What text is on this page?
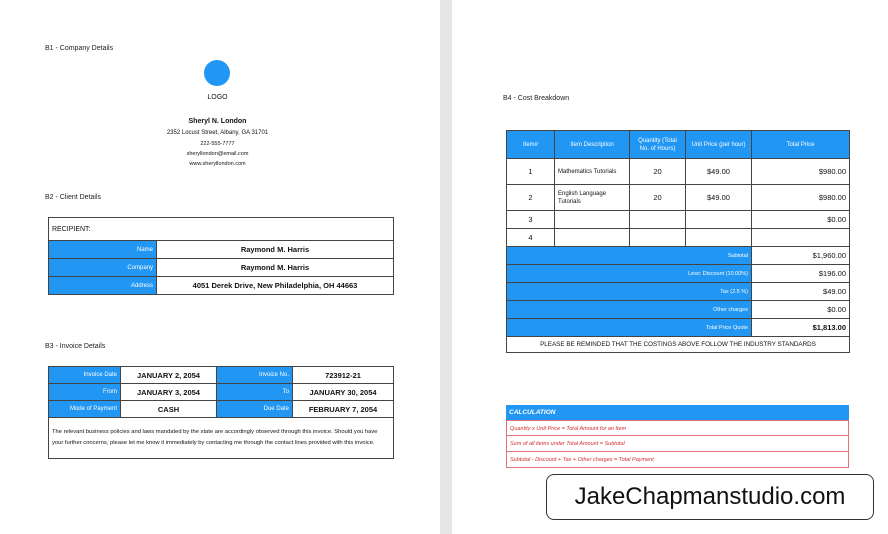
B1 - Company Details
LOGO
Sheryl N. London
2352 Locust Street, Albany, GA 31701
222-555-7777
sheryllondon@email.com
www.sheryllondon.com
B2 - Client Details
RECIPIENT:	
Name	Raymond M. Harris
Company	Raymond M. Harris
Address	4051 Derek Drive, New Philadelphia, OH 44663
B3 - Invoice Details
Invoice Date	JANUARY 2, 2054	Invoice No.	723912-21
From	JANUARY 3, 2054	To	JANUARY 30, 2054
Mode of Payment	CASH	Due Date	FEBRUARY 7, 2054
The relevant business policies and laws mandated by the state are accordingly observed through this invoice. Should you have your further concerns, please let me know it immediately by contacting me through the contact lines provided with this invoice.			
B4 - Cost Breakdown
Item#	Item Description	Quantity (Total No. of Hours)	Unit Price (per hour)	Total Price
1	Mathematics Tutorials	20	$49.00	$980.00
2	English Language Tutorials	20	$49.00	$980.00
3				$0.00
4				
Subtotal				$1,960.00
Less: Discount (10.00%)				$196.00
Tax (2.5 %)				$49.00
Other charges				$0.00
Total Price Quote				$1,813.00
PLEASE BE REMINDED THAT THE COSTINGS ABOVE FOLLOW THE INDUSTRY STANDARDS				
CALCULATION
Quantity x Unit Price = Total Amount for an Item
Sum of all items under Total Amount = Subtotal
Subtotal - Discount + Tax + Other charges = Total Payment
JakeChapmanstudio.com
